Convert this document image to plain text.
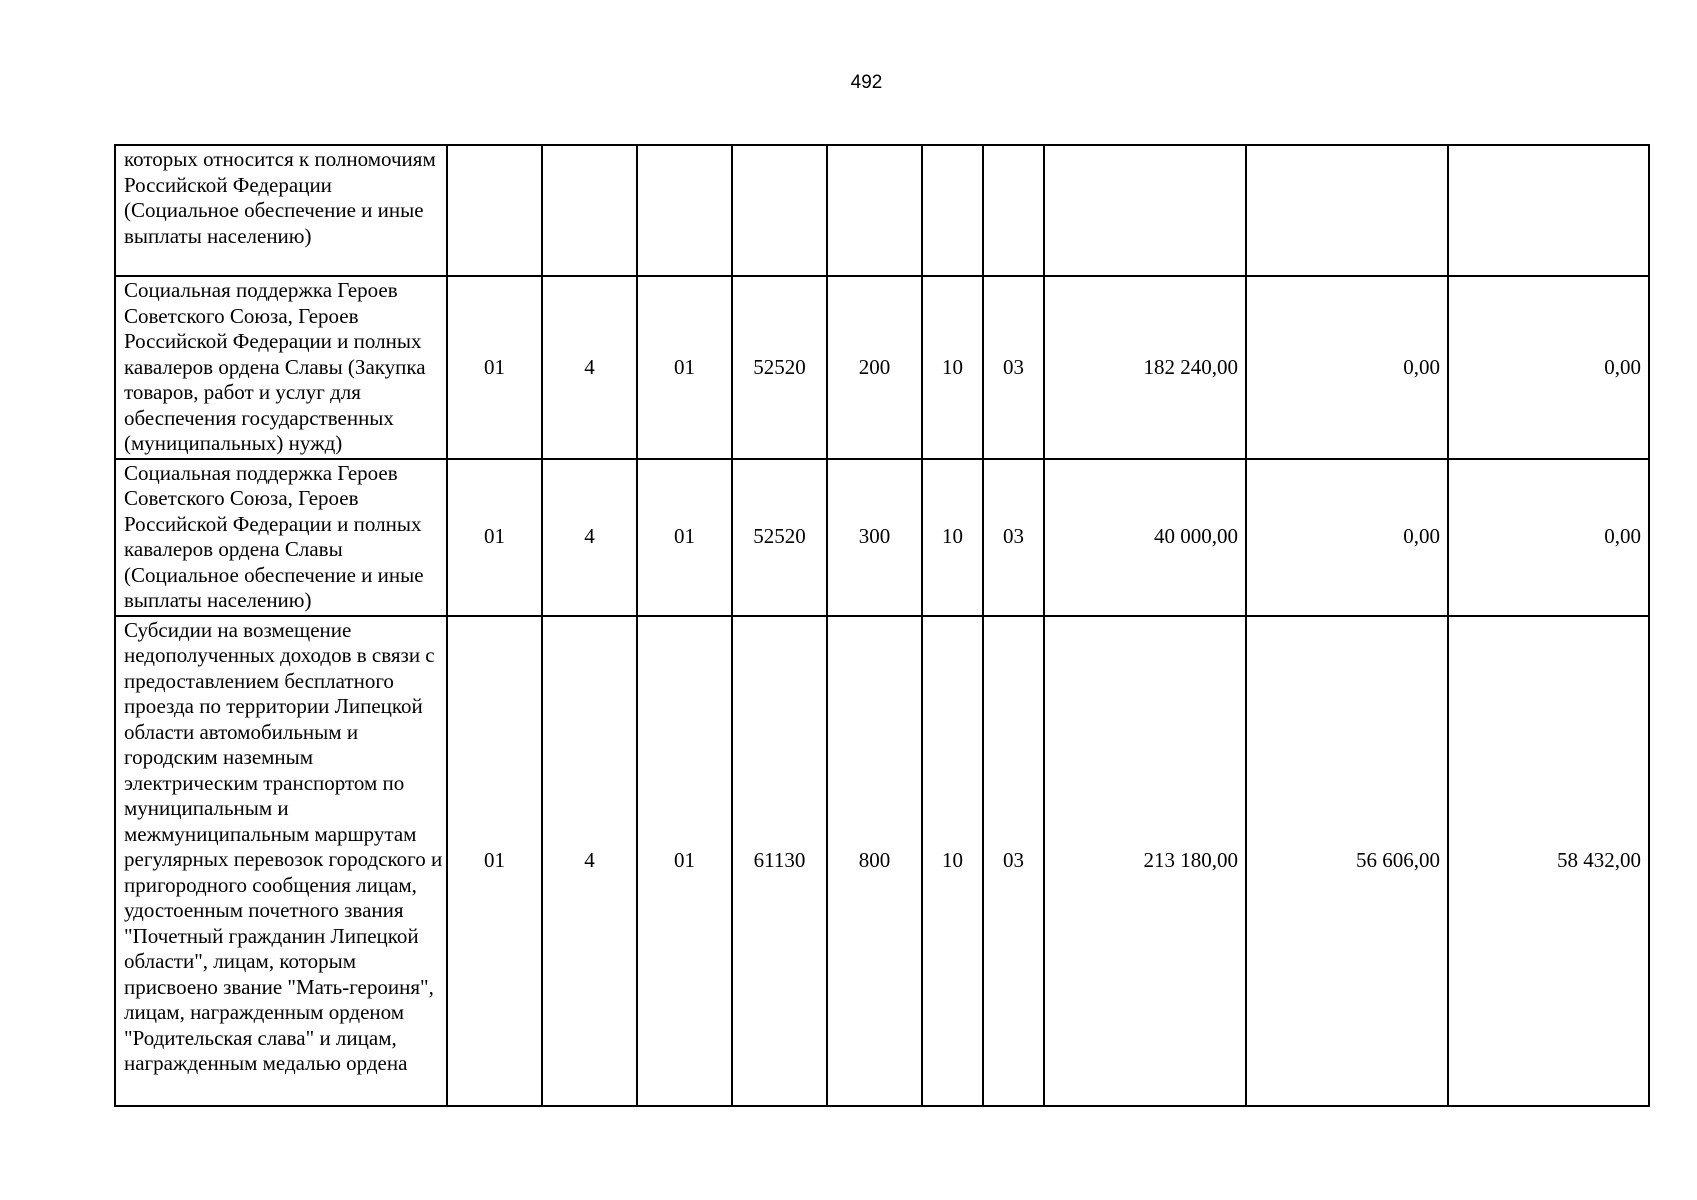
492
которых относится к полномочиям Российской Федерации (Социальное обеспечение и иные выплаты населению)										
Социальная поддержка Героев Советского Союза, Героев Российской Федерации и полных кавалеров ордена Славы (Закупка товаров, работ и услуг для обеспечения государственных (муниципальных) нужд)	01	4	01	52520	200	10	03	182 240,00	0,00	0,00
Социальная поддержка Героев Советского Союза, Героев Российской Федерации и полных кавалеров ордена Славы (Социальное обеспечение и иные выплаты населению)	01	4	01	52520	300	10	03	40 000,00	0,00	0,00
Субсидии на возмещение недополученных доходов в связи с предоставлением бесплатного проезда по территории Липецкой области автомобильным и городским наземным электрическим транспортом по муниципальным и межмуниципальным маршрутам регулярных перевозок городского и пригородного сообщения лицам, удостоенным почетного звания "Почетный гражданин Липецкой области", лицам, которым присвоено звание "Мать-героиня", лицам, награжденным орденом "Родительская слава" и лицам, награжденным медалью ордена	01	4	01	61130	800	10	03	213 180,00	56 606,00	58 432,00
